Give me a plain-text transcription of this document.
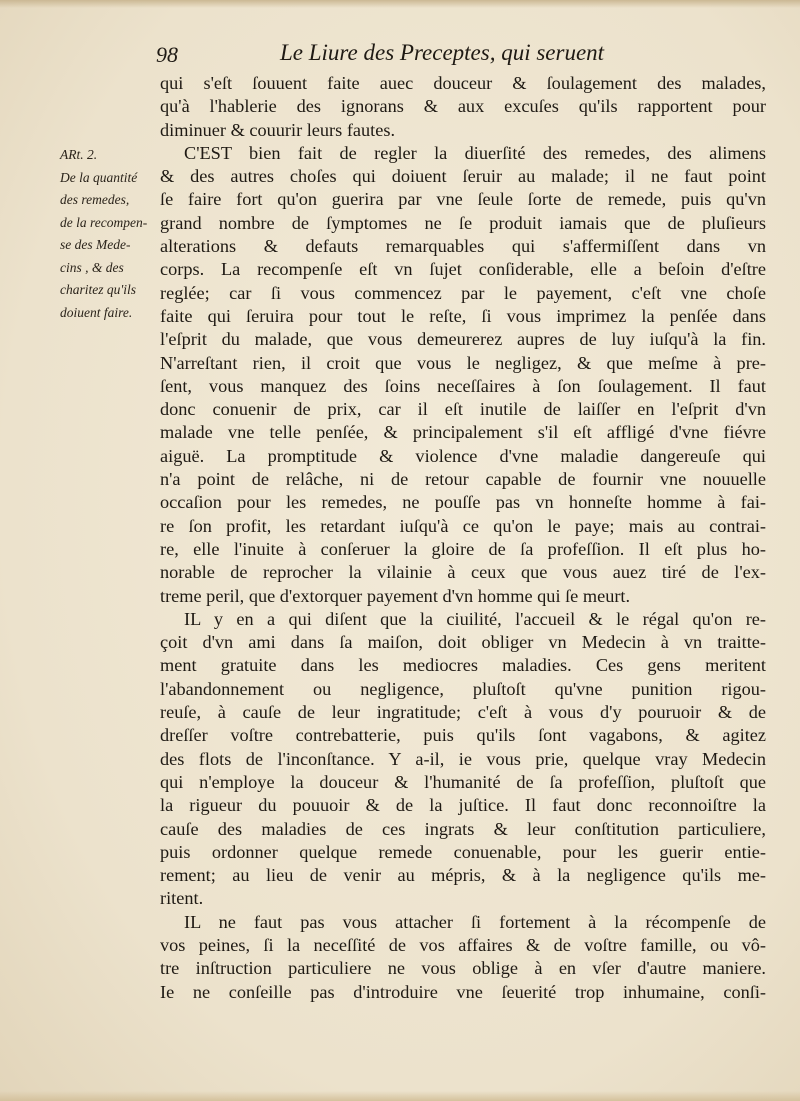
98	Le Liure des Preceptes, qui seruent
ARt. 2.
De la quantité
des remedes,
de la recompen-
se des Mede-
cins , & des
charitez qu'ils
doiuent faire.
qui s'eſt ſouuent faite auec douceur & ſoulagement des malades,
qu'à l'hablerie des ignorans & aux excuſes qu'ils rapportent pour
diminuer & couurir leurs fautes.
C'EST bien fait de regler la diuerſité des remedes, des alimens
& des autres choſes qui doiuent ſeruir au malade; il ne faut point
ſe faire fort qu'on guerira par vne ſeule ſorte de remede, puis qu'vn
grand nombre de ſymptomes ne ſe produit iamais que de pluſieurs
alterations & defauts remarquables qui s'affermiſſent dans vn
corps. La recompenſe eſt vn ſujet conſiderable, elle a beſoin d'eſtre
reglée; car ſi vous commencez par le payement, c'eſt vne choſe
faite qui ſeruira pour tout le reſte, ſi vous imprimez la penſée dans
l'eſprit du malade, que vous demeurerez aupres de luy iuſqu'à la fin.
N'arreſtant rien, il croit que vous le negligez, & que meſme à pre-
ſent, vous manquez des ſoins neceſſaires à ſon ſoulagement. Il faut
donc conuenir de prix, car il eſt inutile de laiſſer en l'eſprit d'vn
malade vne telle penſée, & principalement s'il eſt affligé d'vne fiévre
aiguë. La promptitude & violence d'vne maladie dangereuſe qui
n'a point de relâche, ni de retour capable de fournir vne nouuelle
occaſion pour les remedes, ne pouſſe pas vn honneſte homme à fai-
re ſon profit, les retardant iuſqu'à ce qu'on le paye; mais au contrai-
re, elle l'inuite à conſeruer la gloire de ſa profeſſion. Il eſt plus ho-
norable de reprocher la vilainie à ceux que vous auez tiré de l'ex-
treme peril, que d'extorquer payement d'vn homme qui ſe meurt.
IL y en a qui diſent que la ciuilité, l'accueil & le régal qu'on re-
çoit d'vn ami dans ſa maiſon, doit obliger vn Medecin à vn traitte-
ment gratuite dans les mediocres maladies. Ces gens meritent
l'abandonnement ou negligence, pluſtoſt qu'vne punition rigou-
reuſe, à cauſe de leur ingratitude; c'eſt à vous d'y pouruoir & de
dreſſer voſtre contrebatterie, puis qu'ils ſont vagabons, & agitez
des flots de l'inconſtance. Y a-il, ie vous prie, quelque vray Medecin
qui n'employe la douceur & l'humanité de ſa profeſſion, pluſtoſt que
la rigueur du pouuoir & de la juſtice. Il faut donc reconnoiſtre la
cauſe des maladies de ces ingrats & leur conſtitution particuliere,
puis ordonner quelque remede conuenable, pour les guerir entie-
rement; au lieu de venir au mépris, & à la negligence qu'ils me-
ritent.
IL ne faut pas vous attacher ſi fortement à la récompenſe de
vos peines, ſi la neceſſité de vos affaires & de voſtre famille, ou vô-
tre inſtruction particuliere ne vous oblige à en vſer d'autre maniere.
Ie ne conſeille pas d'introduire vne ſeuerité trop inhumaine, conſi-
